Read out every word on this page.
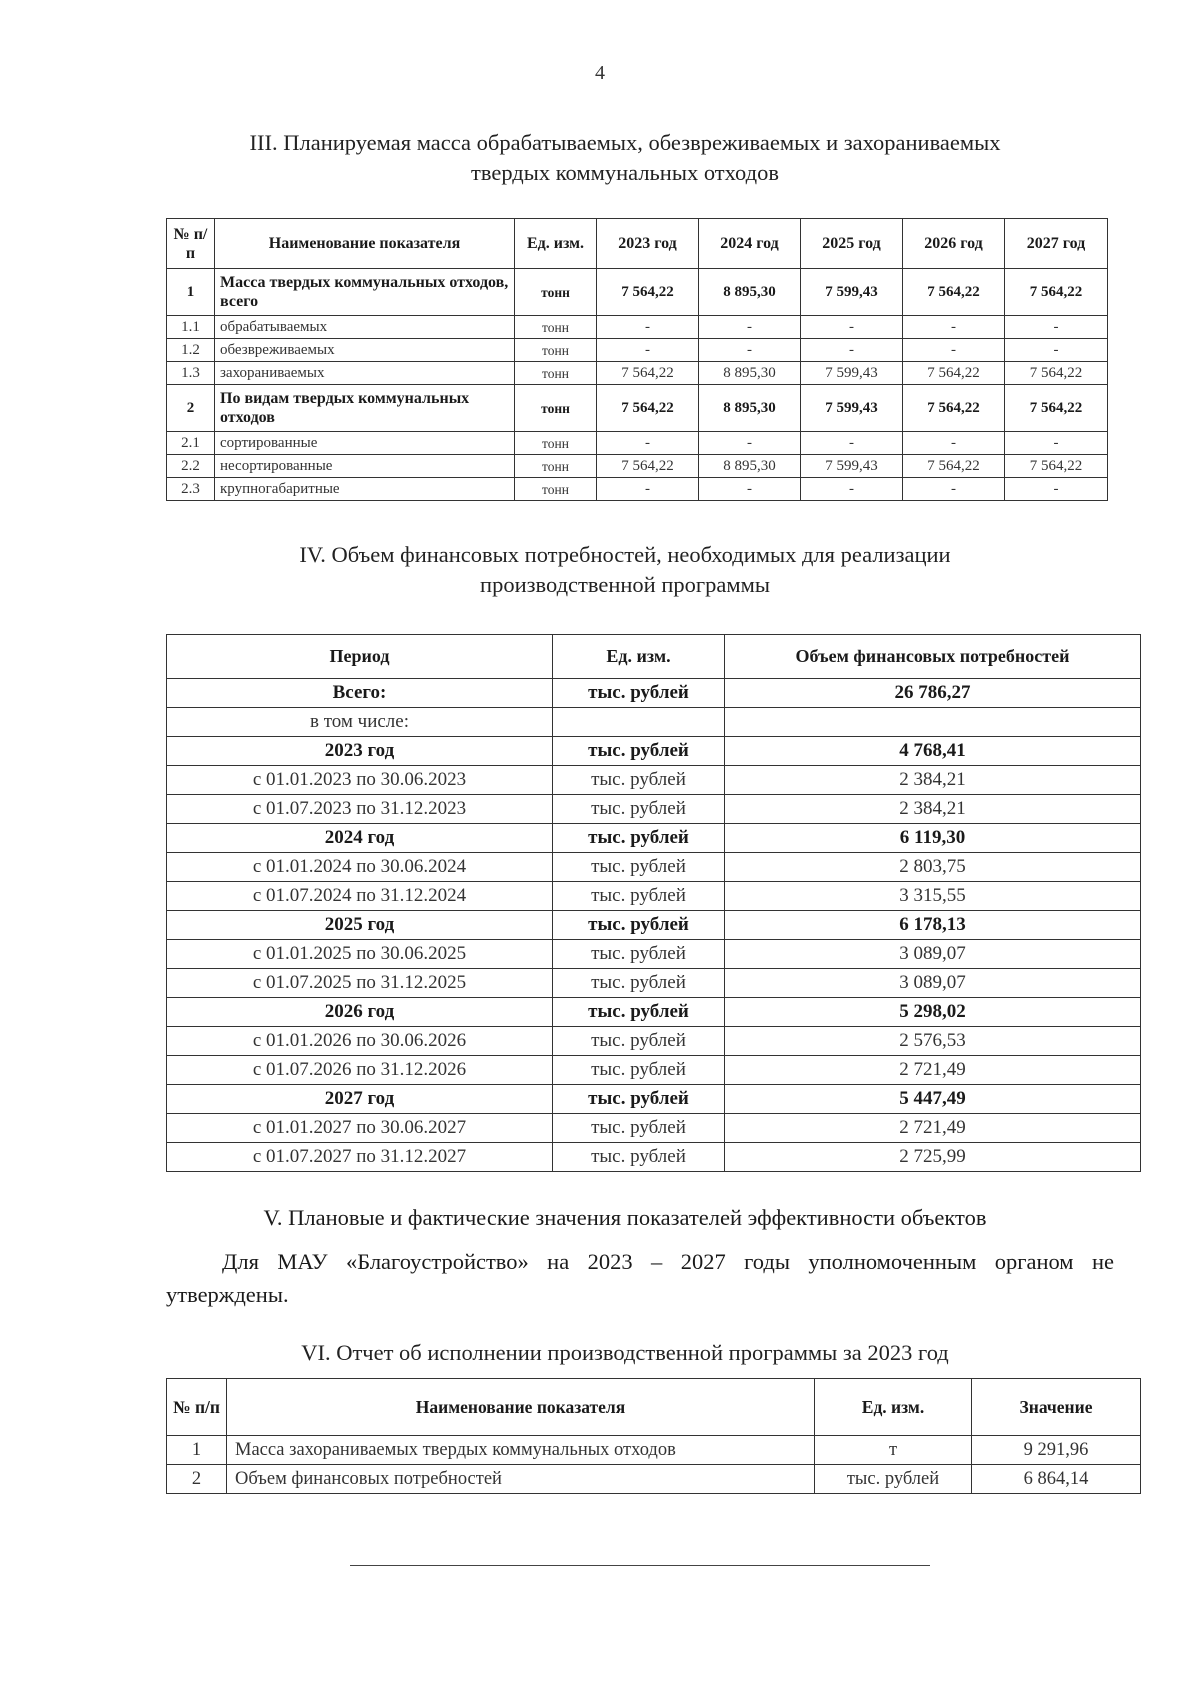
4
III. Планируемая масса обрабатываемых, обезвреживаемых и захораниваемых
твердых коммунальных отходов
№ п/п	Наименование показателя	Ед. изм.	2023 год	2024 год	2025 год	2026 год	2027 год
1	Масса твердых коммунальных отходов, всего	тонн	7 564,22	8 895,30	7 599,43	7 564,22	7 564,22
1.1	обрабатываемых	тонн	-	-	-	-	-
1.2	обезвреживаемых	тонн	-	-	-	-	-
1.3	захораниваемых	тонн	7 564,22	8 895,30	7 599,43	7 564,22	7 564,22
2	По видам твердых коммунальных отходов	тонн	7 564,22	8 895,30	7 599,43	7 564,22	7 564,22
2.1	сортированные	тонн	-	-	-	-	-
2.2	несортированные	тонн	7 564,22	8 895,30	7 599,43	7 564,22	7 564,22
2.3	крупногабаритные	тонн	-	-	-	-	-
IV. Объем финансовых потребностей, необходимых для реализации
производственной программы
Период	Ед. изм.	Объем финансовых потребностей
Всего:	тыс. рублей	26 786,27
в том числе:		
2023 год	тыс. рублей	4 768,41
с 01.01.2023 по 30.06.2023	тыс. рублей	2 384,21
с 01.07.2023 по 31.12.2023	тыс. рублей	2 384,21
2024 год	тыс. рублей	6 119,30
с 01.01.2024 по 30.06.2024	тыс. рублей	2 803,75
с 01.07.2024 по 31.12.2024	тыс. рублей	3 315,55
2025 год	тыс. рублей	6 178,13
с 01.01.2025 по 30.06.2025	тыс. рублей	3 089,07
с 01.07.2025 по 31.12.2025	тыс. рублей	3 089,07
2026 год	тыс. рублей	5 298,02
с 01.01.2026 по 30.06.2026	тыс. рублей	2 576,53
с 01.07.2026 по 31.12.2026	тыс. рублей	2 721,49
2027 год	тыс. рублей	5 447,49
с 01.01.2027 по 30.06.2027	тыс. рублей	2 721,49
с 01.07.2027 по 31.12.2027	тыс. рублей	2 725,99
V. Плановые и фактические значения показателей эффективности объектов
Для МАУ «Благоустройство» на 2023 – 2027 годы уполномоченным органом не утверждены.
VI. Отчет об исполнении производственной программы за 2023 год
№ п/п	Наименование показателя	Ед. изм.	Значение
1	Масса захораниваемых твердых коммунальных отходов	т	9 291,96
2	Объем финансовых потребностей	тыс. рублей	6 864,14
